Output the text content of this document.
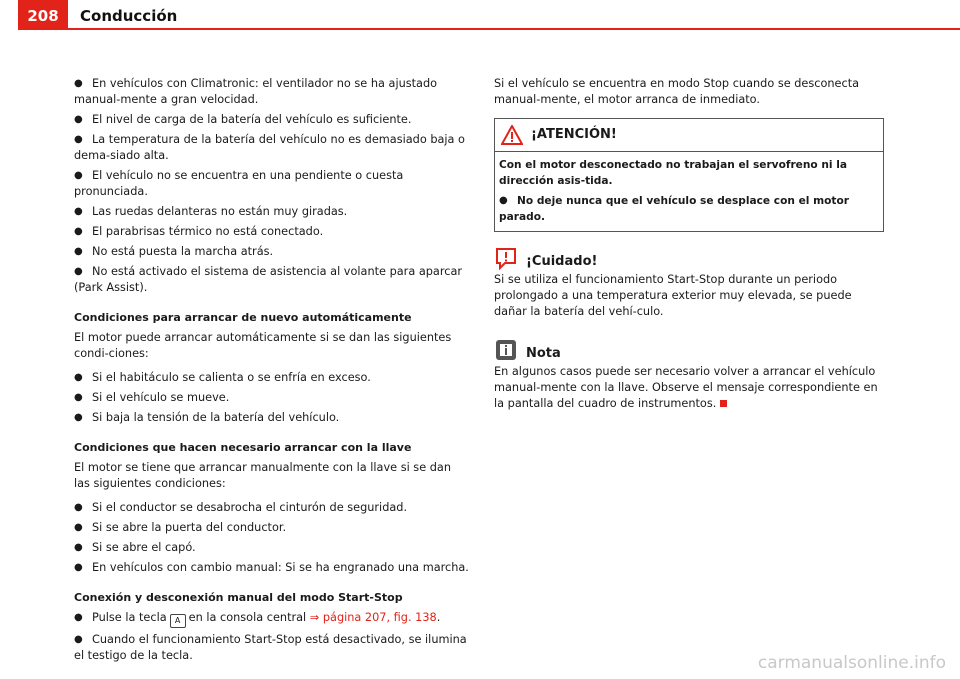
208	Conducción

● En vehículos con Climatronic: el ventilador no se ha ajustado manual-mente a gran velocidad.

● El nivel de carga de la batería del vehículo es suficiente.

● La temperatura de la batería del vehículo no es demasiado baja o dema-siado alta.

● El vehículo no se encuentra en una pendiente o cuesta pronunciada.

● Las ruedas delanteras no están muy giradas.

● El parabrisas térmico no está conectado.

● No está puesta la marcha atrás.

● No está activado el sistema de asistencia al volante para aparcar (Park Assist).

Condiciones para arrancar de nuevo automáticamente

El motor puede arrancar automáticamente si se dan las siguientes condi-ciones:

● Si el habitáculo se calienta o se enfría en exceso.

● Si el vehículo se mueve.

● Si baja la tensión de la batería del vehículo.

Condiciones que hacen necesario arrancar con la llave

El motor se tiene que arrancar manualmente con la llave si se dan las siguientes condiciones:

● Si el conductor se desabrocha el cinturón de seguridad.

● Si se abre la puerta del conductor.

● Si se abre el capó.

● En vehículos con cambio manual: Si se ha engranado una marcha.

Conexión y desconexión manual del modo Start-Stop

● Pulse la tecla A en la consola central ⇒ página 207, fig. 138.

● Cuando el funcionamiento Start-Stop está desactivado, se ilumina el testigo de la tecla.

Si el vehículo se encuentra en modo Stop cuando se desconecta manual-mente, el motor arranca de inmediato.

¡ATENCIÓN!

Con el motor desconectado no trabajan el servofreno ni la dirección asis-tida.

● No deje nunca que el vehículo se desplace con el motor parado.

¡Cuidado!

Si se utiliza el funcionamiento Start-Stop durante un periodo prolongado a una temperatura exterior muy elevada, se puede dañar la batería del vehí-culo.

Nota

En algunos casos puede ser necesario volver a arrancar el vehículo manual-mente con la llave. Observe el mensaje correspondiente en la pantalla del cuadro de instrumentos.

carmanualsonline.info
